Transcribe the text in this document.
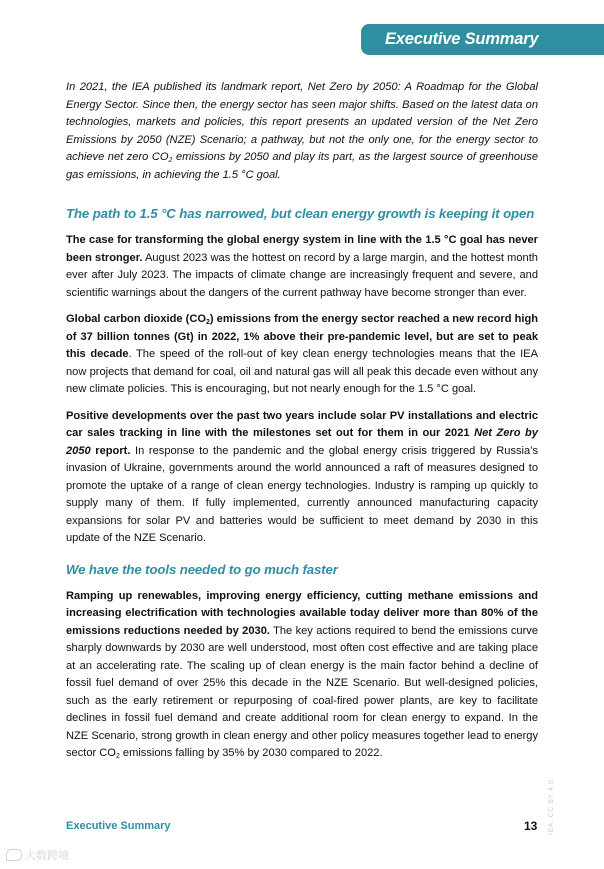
Executive Summary

In 2021, the IEA published its landmark report, Net Zero by 2050: A Roadmap for the Global Energy Sector. Since then, the energy sector has seen major shifts. Based on the latest data on technologies, markets and policies, this report presents an updated version of the Net Zero Emissions by 2050 (NZE) Scenario; a pathway, but not the only one, for the energy sector to achieve net zero $CO_2$ emissions by 2050 and play its part, as the largest source of greenhouse gas emissions, in achieving the 1.5 °C goal.

The path to 1.5 °C has narrowed, but clean energy growth is keeping it open

The case for transforming the global energy system in line with the 1.5 °C goal has never been stronger. August 2023 was the hottest on record by a large margin, and the hottest month ever after July 2023. The impacts of climate change are increasingly frequent and severe, and scientific warnings about the dangers of the current pathway have become stronger than ever.

Global carbon dioxide $(CO_2)$ emissions from the energy sector reached a new record high of 37 billion tonnes (Gt) in 2022, 1% above their pre-pandemic level, but are set to peak this decade. The speed of the roll-out of key clean energy technologies means that the IEA now projects that demand for coal, oil and natural gas will all peak this decade even without any new climate policies. This is encouraging, but not nearly enough for the 1.5 °C goal.

Positive developments over the past two years include solar PV installations and electric car sales tracking in line with the milestones set out for them in our 2021 Net Zero by 2050 report. In response to the pandemic and the global energy crisis triggered by Russia’s invasion of Ukraine, governments around the world announced a raft of measures designed to promote the uptake of a range of clean energy technologies. Industry is ramping up quickly to supply many of them. If fully implemented, currently announced manufacturing capacity expansions for solar PV and batteries would be sufficient to meet demand by 2030 in this update of the NZE Scenario.

We have the tools needed to go much faster

Ramping up renewables, improving energy efficiency, cutting methane emissions and increasing electrification with technologies available today deliver more than 80% of the emissions reductions needed by 2030. The key actions required to bend the emissions curve sharply downwards by 2030 are well understood, most often cost effective and are taking place at an accelerating rate. The scaling up of clean energy is the main factor behind a decline of fossil fuel demand of over 25% this decade in the NZE Scenario. But well-designed policies, such as the early retirement or repurposing of coal-fired power plants, are key to facilitate declines in fossil fuel demand and create additional room for clean energy to expand. In the NZE Scenario, strong growth in clean energy and other policy measures together lead to energy sector $CO_2$ emissions falling by 35% by 2030 compared to 2022.

Executive Summary	13 IEA. CC BY 4.0.
大数跨境
